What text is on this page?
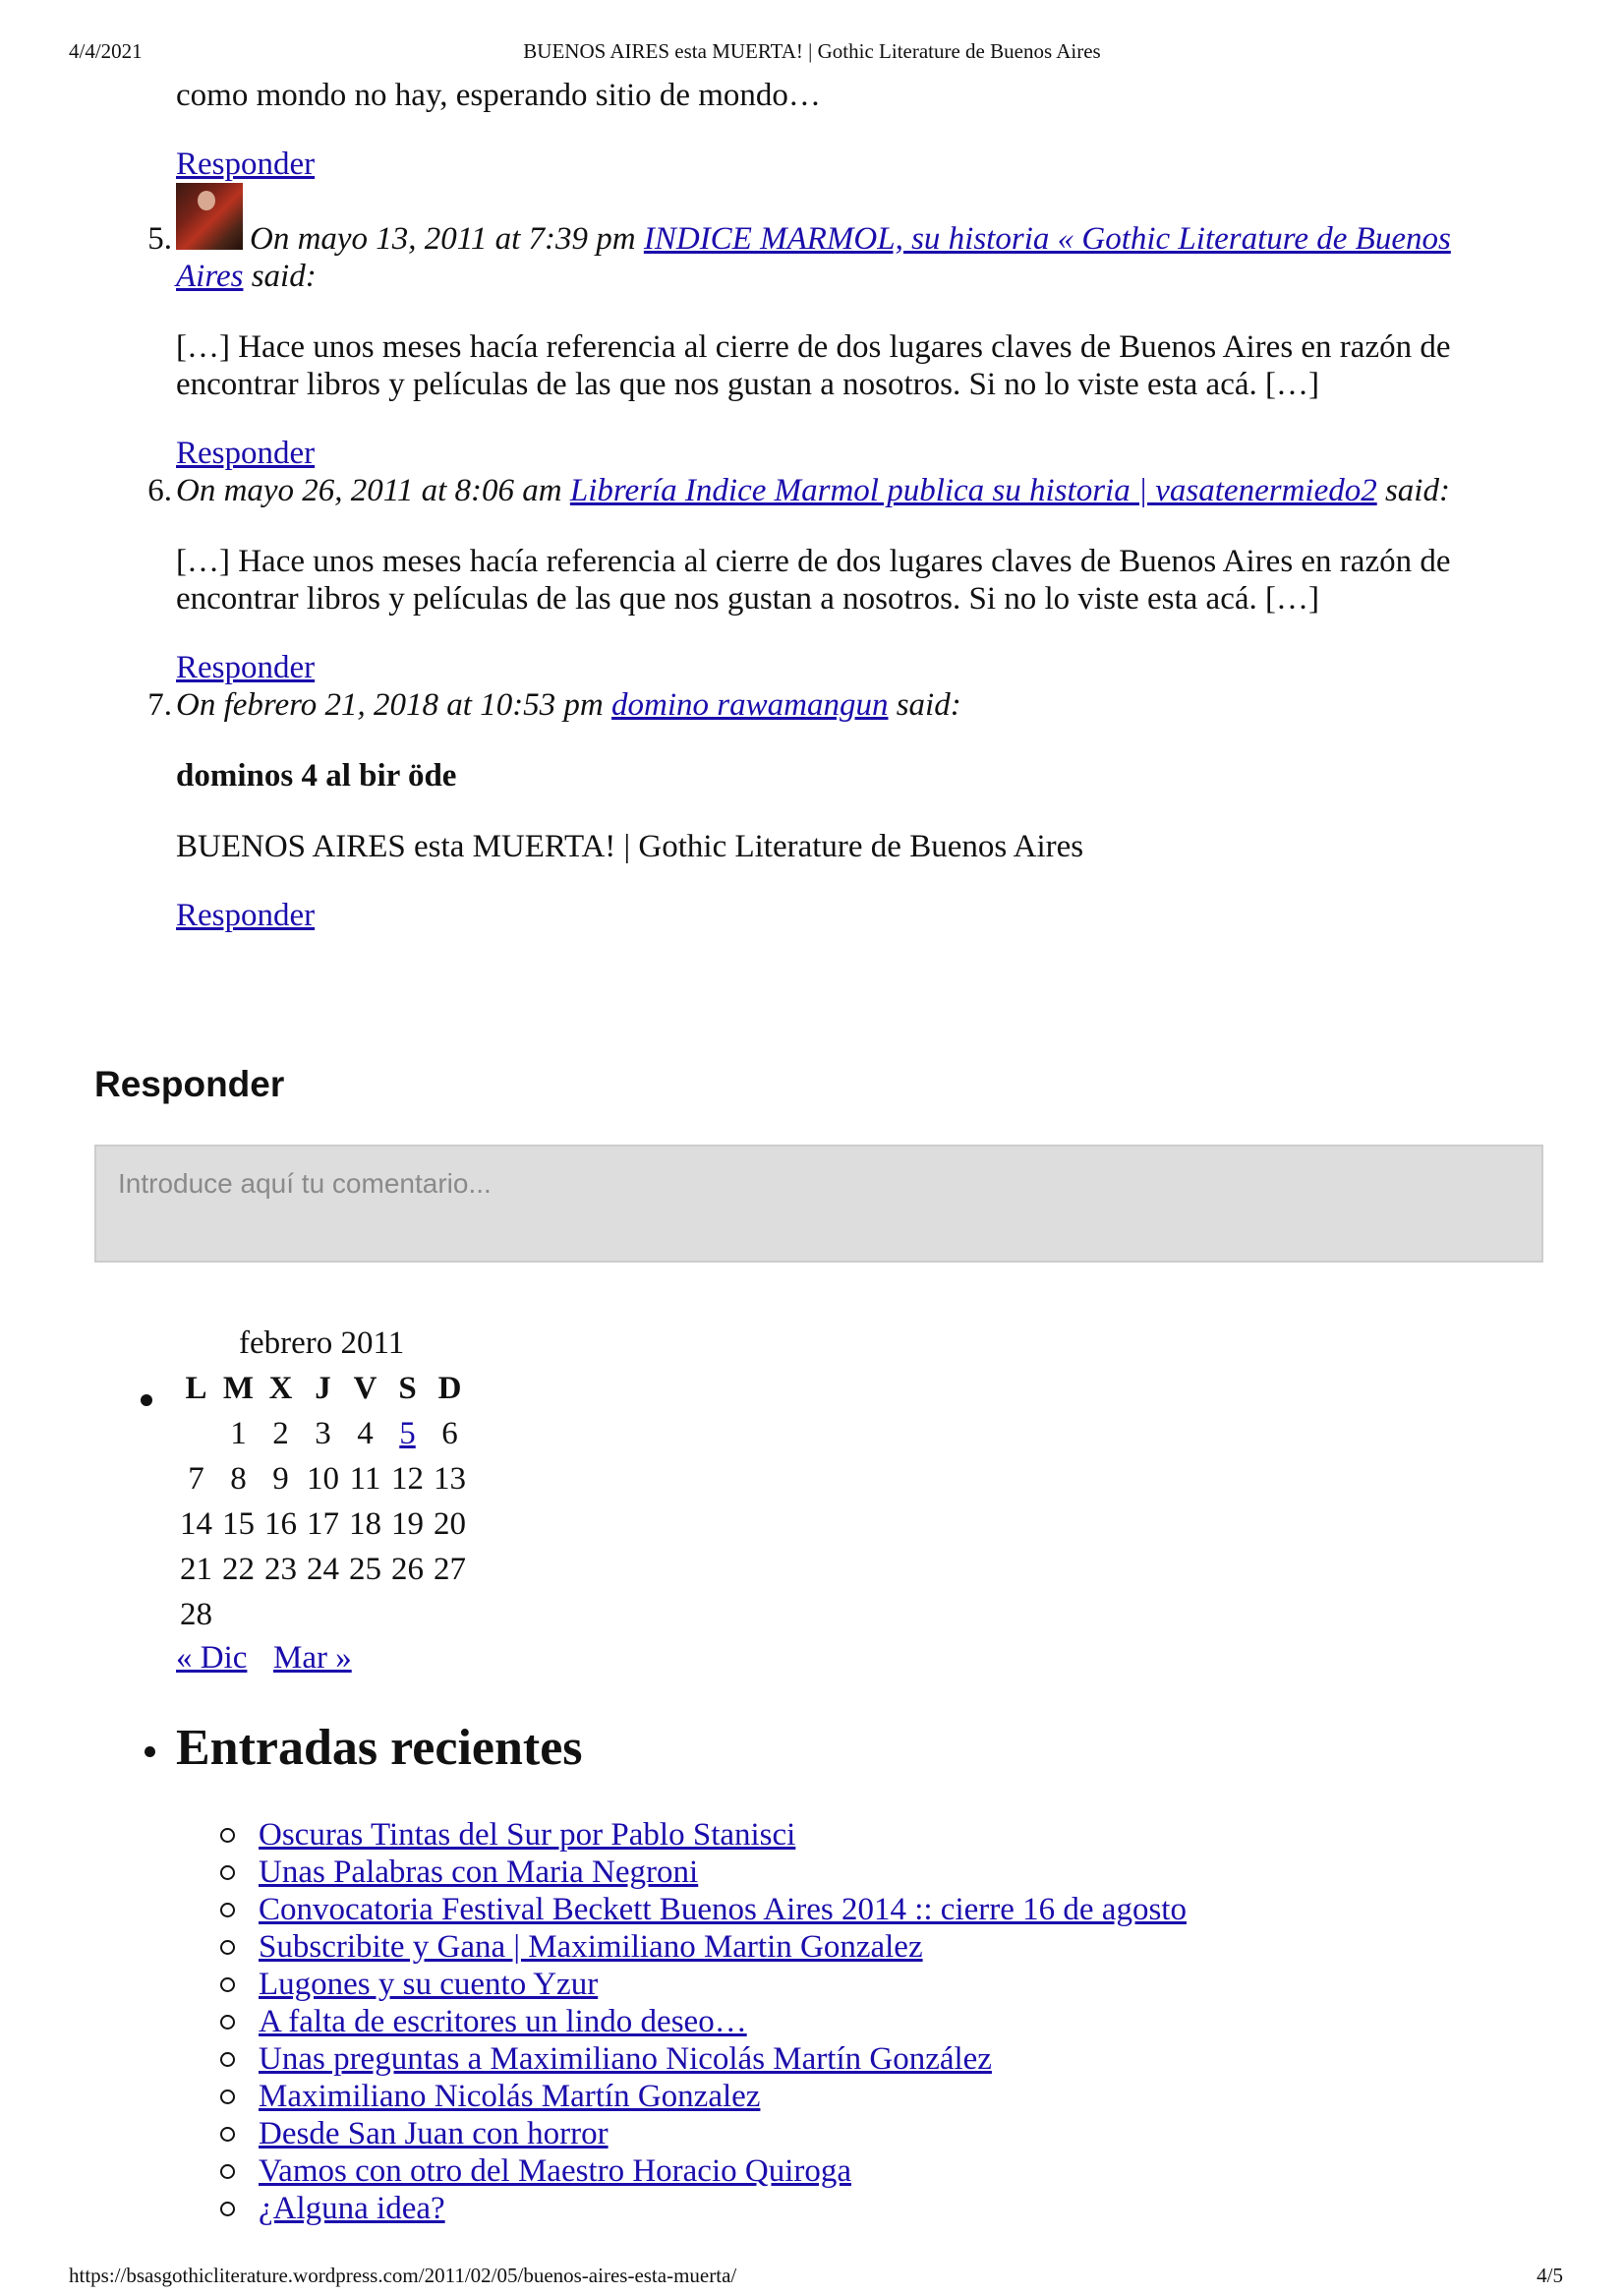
4/4/2021	BUENOS AIRES esta MUERTA! | Gothic Literature de Buenos Aires
https://bsasgothicliterature.wordpress.com/2011/02/05/buenos-aires-esta-muerta/	4/5
como mondo no hay, esperando sitio de mondo…
Responder
5. On mayo 13, 2011 at 7:39 pm INDICE MARMOL, su historia « Gothic Literature de Buenos
Aires said:
[…] Hace unos meses hacía referencia al cierre de dos lugares claves de Buenos Aires en razón de
encontrar libros y películas de las que nos gustan a nosotros. Si no lo viste esta acá. […]
Responder
6. On mayo 26, 2011 at 8:06 am Librería Indice Marmol publica su historia | vasatenermiedo2 said:
[…] Hace unos meses hacía referencia al cierre de dos lugares claves de Buenos Aires en razón de
encontrar libros y películas de las que nos gustan a nosotros. Si no lo viste esta acá. […]
Responder
7. On febrero 21, 2018 at 10:53 pm domino rawamangun said:
dominos 4 al bir öde
BUENOS AIRES esta MUERTA! | Gothic Literature de Buenos Aires
Responder
Responder
Introduce aquí tu comentario...
febrero 2011
L	M	X	J	V	S	D
	1	2	3	4	5	6
7	8	9	10	11	12	13
14	15	16	17	18	19	20
21	22	23	24	25	26	27
28						
« Dic Mar »
Entradas recientes
Oscuras Tintas del Sur por Pablo Stanisci
Unas Palabras con Maria Negroni
Convocatoria Festival Beckett Buenos Aires 2014 :: cierre 16 de agosto
Subscribite y Gana | Maximiliano Martin Gonzalez
Lugones y su cuento Yzur
A falta de escritores un lindo deseo…
Unas preguntas a Maximiliano Nicolás Martín González
Maximiliano Nicolás Martín Gonzalez
Desde San Juan con horror
Vamos con otro del Maestro Horacio Quiroga
¿Alguna idea?
